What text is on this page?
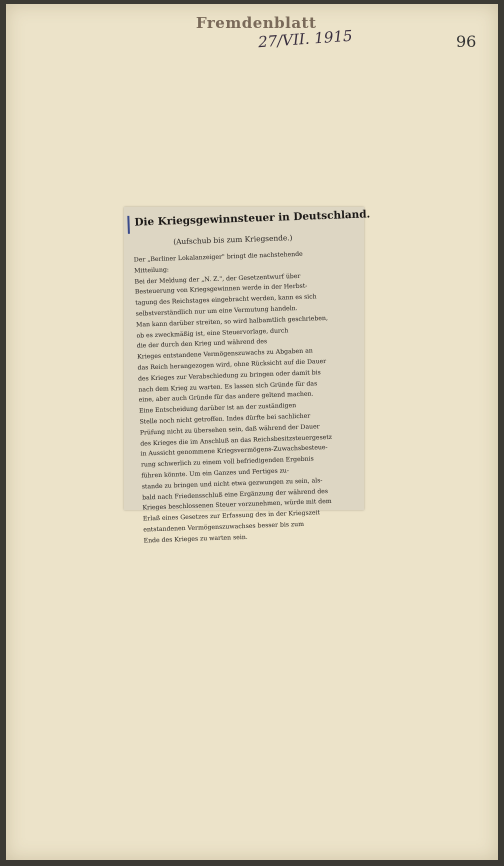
Fremdenblatt
27/VII. 1915	96
Die Kriegsgewinnsteuer in Deutschland.
(Aufschub bis zum Kriegsende.)
Der „Berliner Lokalanzeiger" bringt die nachstehende
Mitteilung:
Bei der Meldung der „N. Z.", der Gesetzentwurf über
Besteuerung von Kriegsgewinnen werde in der Herbst-
tagung des Reichstages eingebracht werden, kann es sich
selbstverständlich nur um eine Vermutung handeln.
Man kann darüber streiten, so wird halbamtlich geschrieben,
ob es zweckmäßig ist, eine Steuervorlage, durch
die der durch den Krieg und während des
Krieges entstandene Vermögenszuwachs zu Abgaben an
das Reich herangezogen wird, ohne Rücksicht auf die Dauer
des Krieges zur Verabschiedung zu bringen oder damit bis
nach dem Krieg zu warten. Es lassen sich Gründe für das
eine, aber auch Gründe für das andere geltend machen.
Eine Entscheidung darüber ist an der zuständigen
Stelle noch nicht getroffen. Indes dürfte bei sachlicher
Prüfung nicht zu übersehen sein, daß während der Dauer
des Krieges die im Anschluß an das Reichsbesitzsteuergesetz
in Aussicht genommene Kriegsvermögens-Zuwachsbesteue-
rung schwerlich zu einem voll befriedigenden Ergebnis
führen könnte. Um ein Ganzes und Fertiges zu-
stande zu bringen und nicht etwa gezwungen zu sein, als-
bald nach Friedensschluß eine Ergänzung der während des
Krieges beschlossenen Steuer vorzunehmen, würde mit dem
Erlaß eines Gesetzes zur Erfassung des in der Kriegszeit
entstandenen Vermögenszuwachses besser bis zum
Ende des Krieges zu warten sein.
